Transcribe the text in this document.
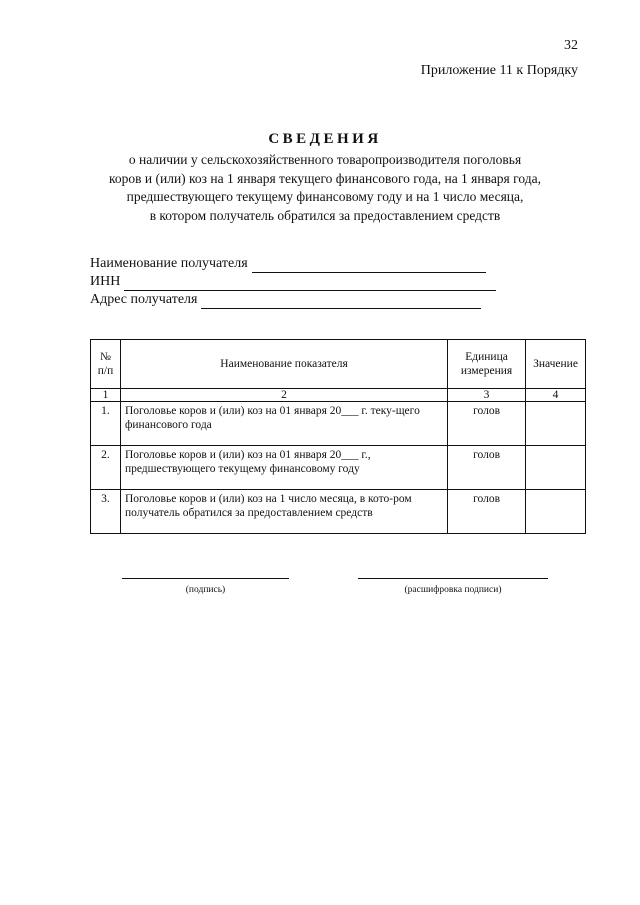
32
Приложение 11 к Порядку
СВЕДЕНИЯ
о наличии у сельскохозяйственного товаропроизводителя поголовья
коров и (или) коз на 1 января текущего финансового года, на 1 января года,
предшествующего текущему финансовому году и на 1 число месяца,
в котором получатель обратился за предоставлением средств
Наименование получателя
ИНН
Адрес получателя
№ п/п	Наименование показателя	Единица измерения	Значение
1	2	3	4
1.	Поголовье коров и (или) коз на 01 января 20___ г. теку-щего финансового года	голов	
2.	Поголовье коров и (или) коз на 01 января 20___ г., предшествующего текущему финансовому году	голов	
3.	Поголовье коров и (или) коз на 1 число месяца, в кото-ром получатель обратился за предоставлением средств	голов	
(подпись)	(расшифровка подписи)
